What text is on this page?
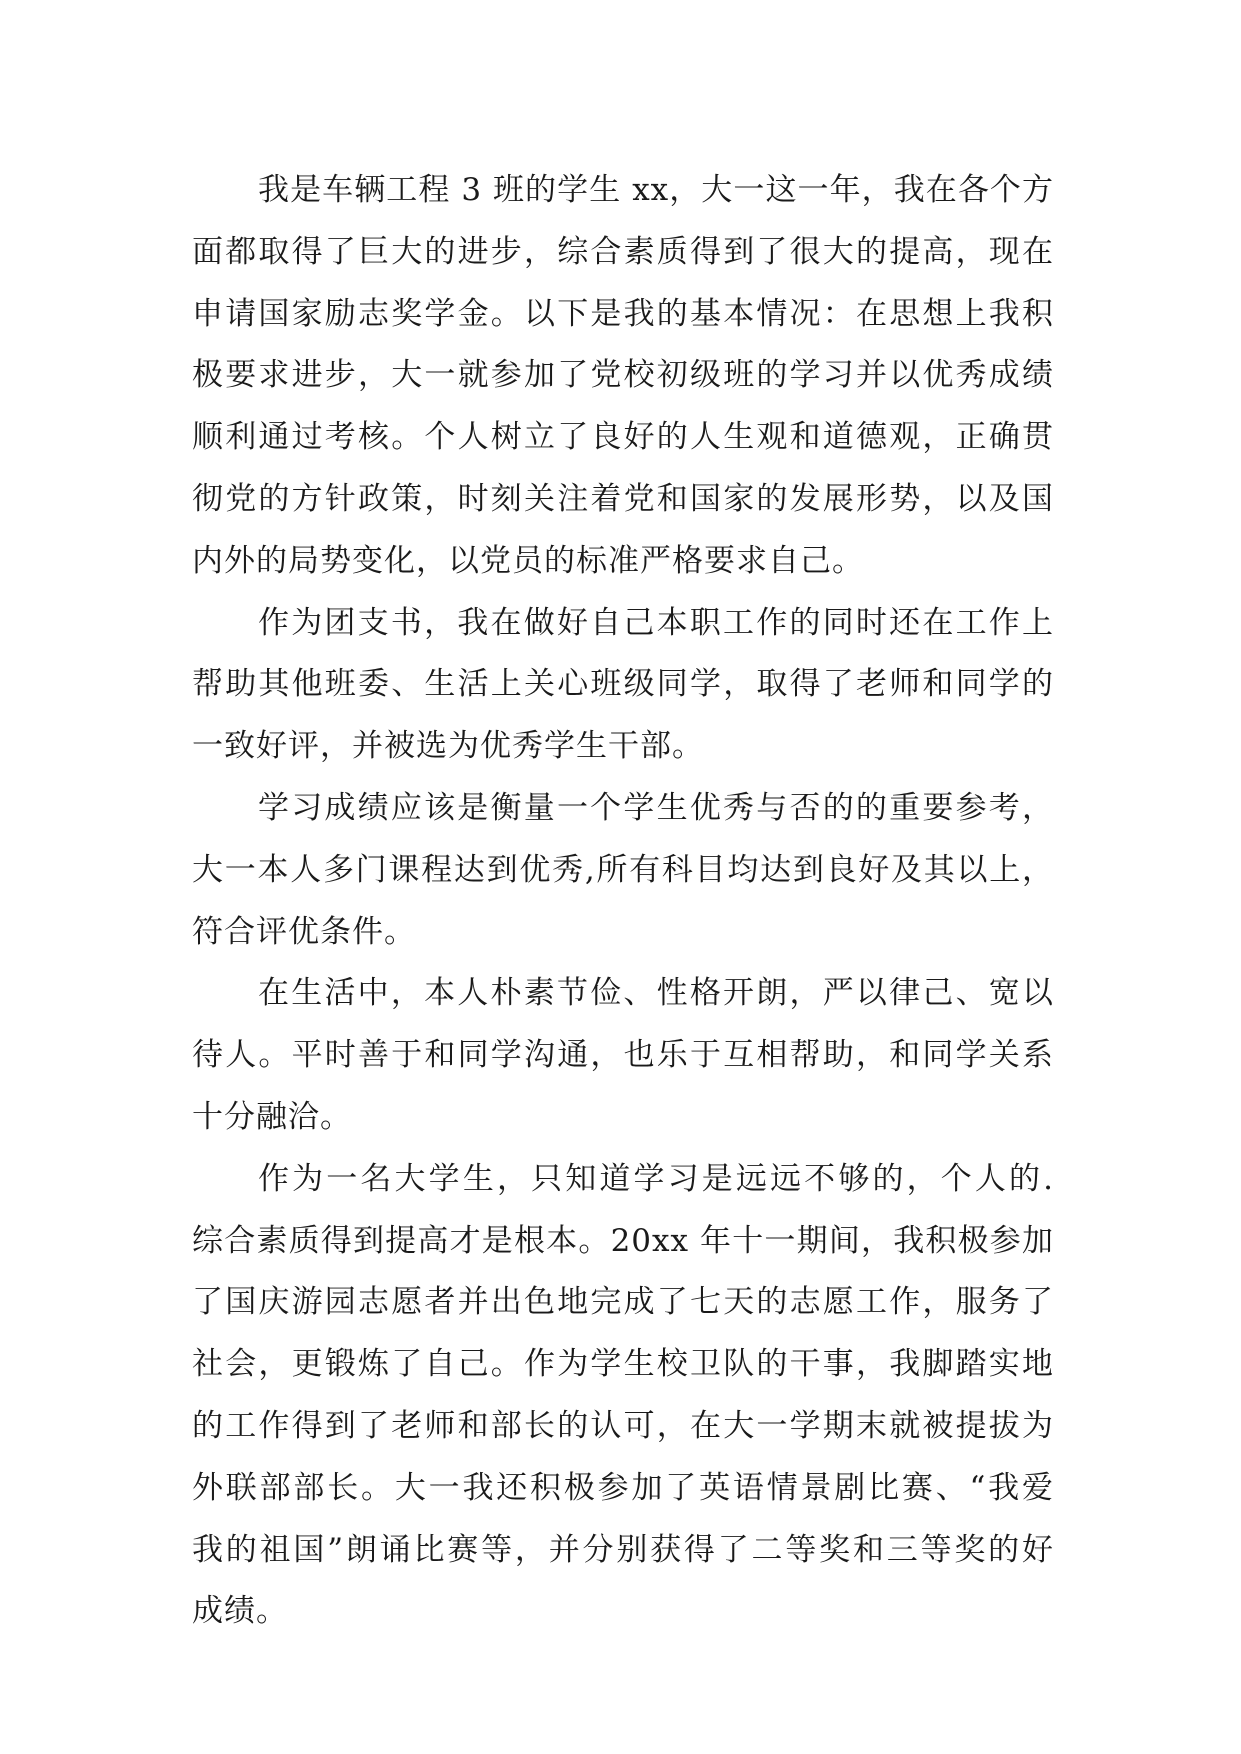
我是车辆工程 3 班的学生 xx，大一这一年，我在各个方
面都取得了巨大的进步，综合素质得到了很大的提高，现在
申请国家励志奖学金。以下是我的基本情况：在思想上我积
极要求进步，大一就参加了党校初级班的学习并以优秀成绩
顺利通过考核。个人树立了良好的人生观和道德观，正确贯
彻党的方针政策，时刻关注着党和国家的发展形势，以及国
内外的局势变化，以党员的标准严格要求自己。
作为团支书，我在做好自己本职工作的同时还在工作上
帮助其他班委、生活上关心班级同学，取得了老师和同学的
一致好评，并被选为优秀学生干部。
学习成绩应该是衡量一个学生优秀与否的的重要参考，
大一本人多门课程达到优秀,所有科目均达到良好及其以上，
符合评优条件。
在生活中，本人朴素节俭、性格开朗，严以律己、宽以
待人。平时善于和同学沟通，也乐于互相帮助，和同学关系
十分融洽。
作为一名大学生，只知道学习是远远不够的，个人的.
综合素质得到提高才是根本。20xx 年十一期间，我积极参加
了国庆游园志愿者并出色地完成了七天的志愿工作，服务了
社会，更锻炼了自己。作为学生校卫队的干事，我脚踏实地
的工作得到了老师和部长的认可，在大一学期末就被提拔为
外联部部长。大一我还积极参加了英语情景剧比赛、“我爱
我的祖国”朗诵比赛等，并分别获得了二等奖和三等奖的好
成绩。
